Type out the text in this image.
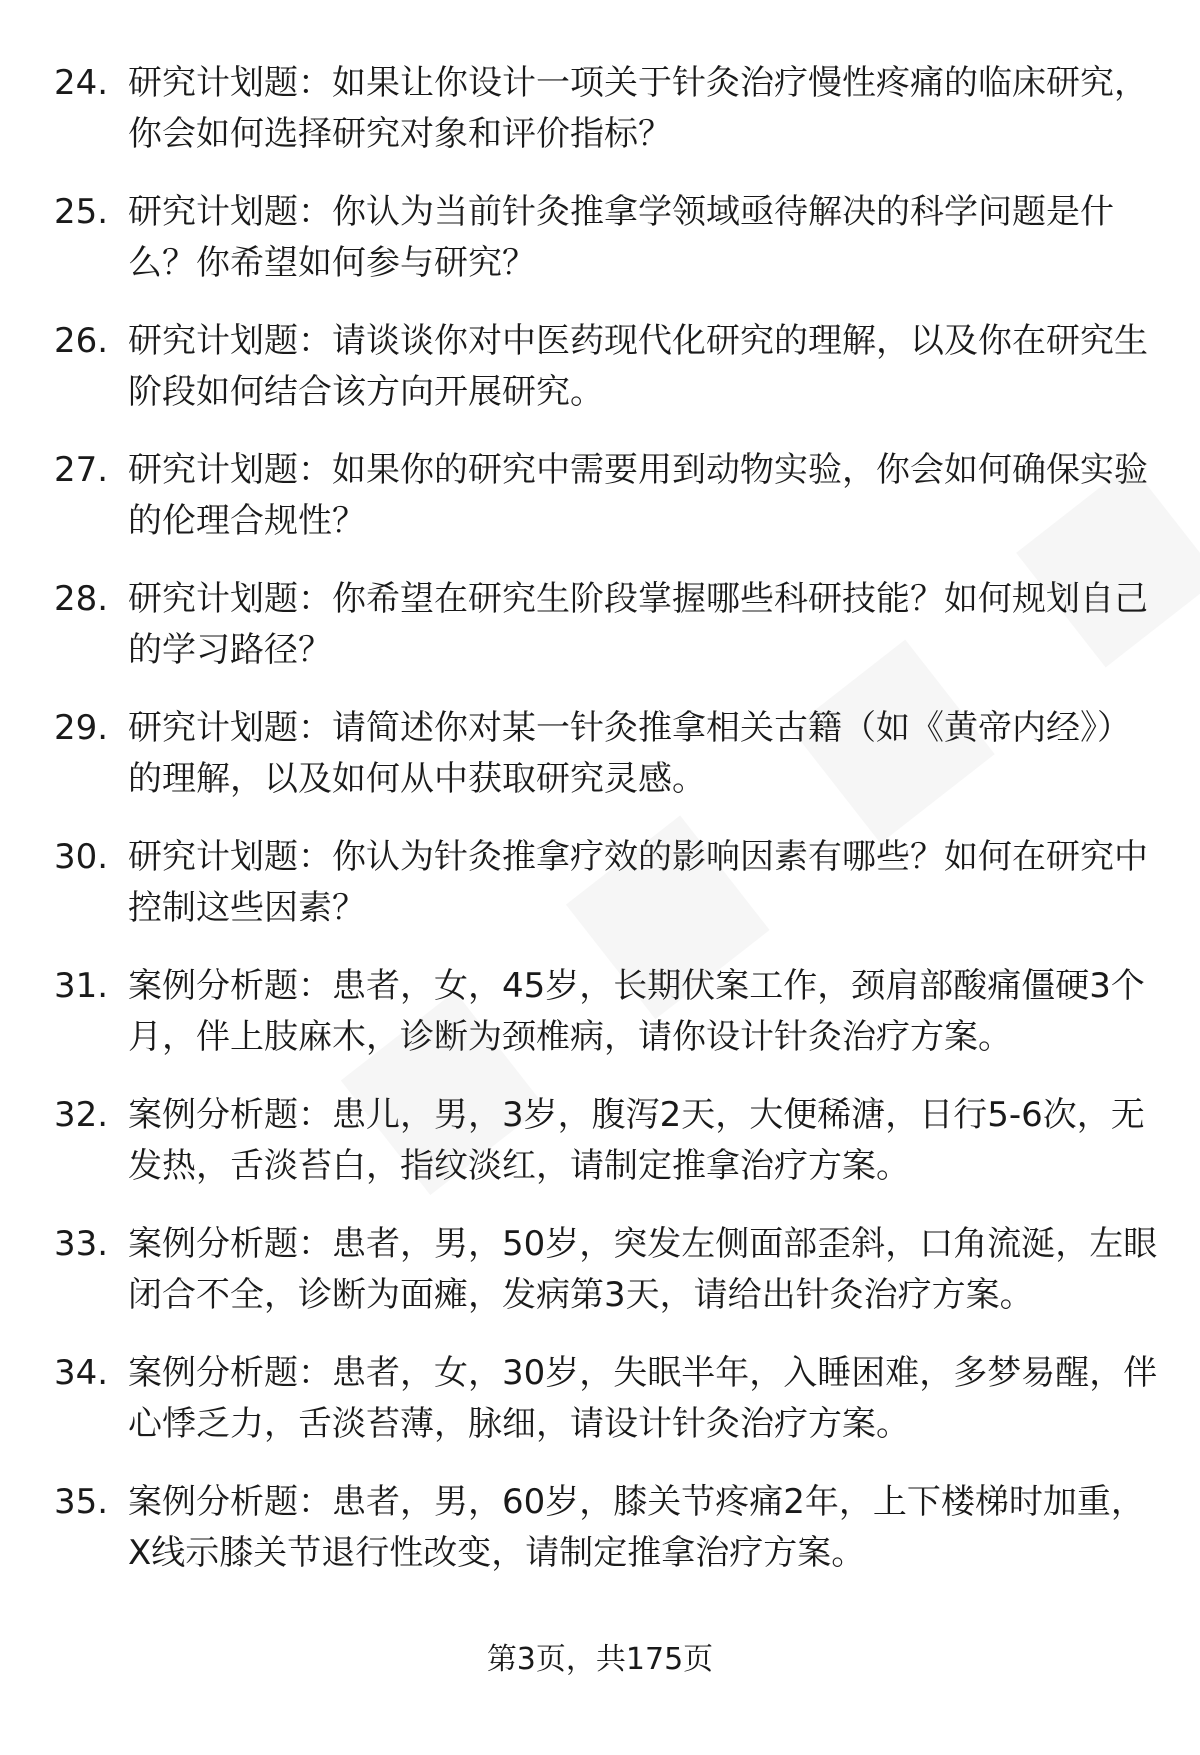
24. 研究计划题：如果让你设计一项关于针灸治疗慢性疼痛的临床研究，你会如何选择研究对象和评价指标？
25. 研究计划题：你认为当前针灸推拿学领域亟待解决的科学问题是什么？你希望如何参与研究？
26. 研究计划题：请谈谈你对中医药现代化研究的理解，以及你在研究生阶段如何结合该方向开展研究。
27. 研究计划题：如果你的研究中需要用到动物实验，你会如何确保实验的伦理合规性？
28. 研究计划题：你希望在研究生阶段掌握哪些科研技能？如何规划自己的学习路径？
29. 研究计划题：请简述你对某一针灸推拿相关古籍（如《黄帝内经》）的理解，以及如何从中获取研究灵感。
30. 研究计划题：你认为针灸推拿疗效的影响因素有哪些？如何在研究中控制这些因素？
31. 案例分析题：患者，女，45岁，长期伏案工作，颈肩部酸痛僵硬3个月，伴上肢麻木，诊断为颈椎病，请你设计针灸治疗方案。
32. 案例分析题：患儿，男，3岁，腹泻2天，大便稀溏，日行5-6次，无发热，舌淡苔白，指纹淡红，请制定推拿治疗方案。
33. 案例分析题：患者，男，50岁，突发左侧面部歪斜，口角流涎，左眼闭合不全，诊断为面瘫，发病第3天，请给出针灸治疗方案。
34. 案例分析题：患者，女，30岁，失眠半年，入睡困难，多梦易醒，伴心悸乏力，舌淡苔薄，脉细，请设计针灸治疗方案。
35. 案例分析题：患者，男，60岁，膝关节疼痛2年，上下楼梯时加重，X线示膝关节退行性改变，请制定推拿治疗方案。
第3页，共175页
